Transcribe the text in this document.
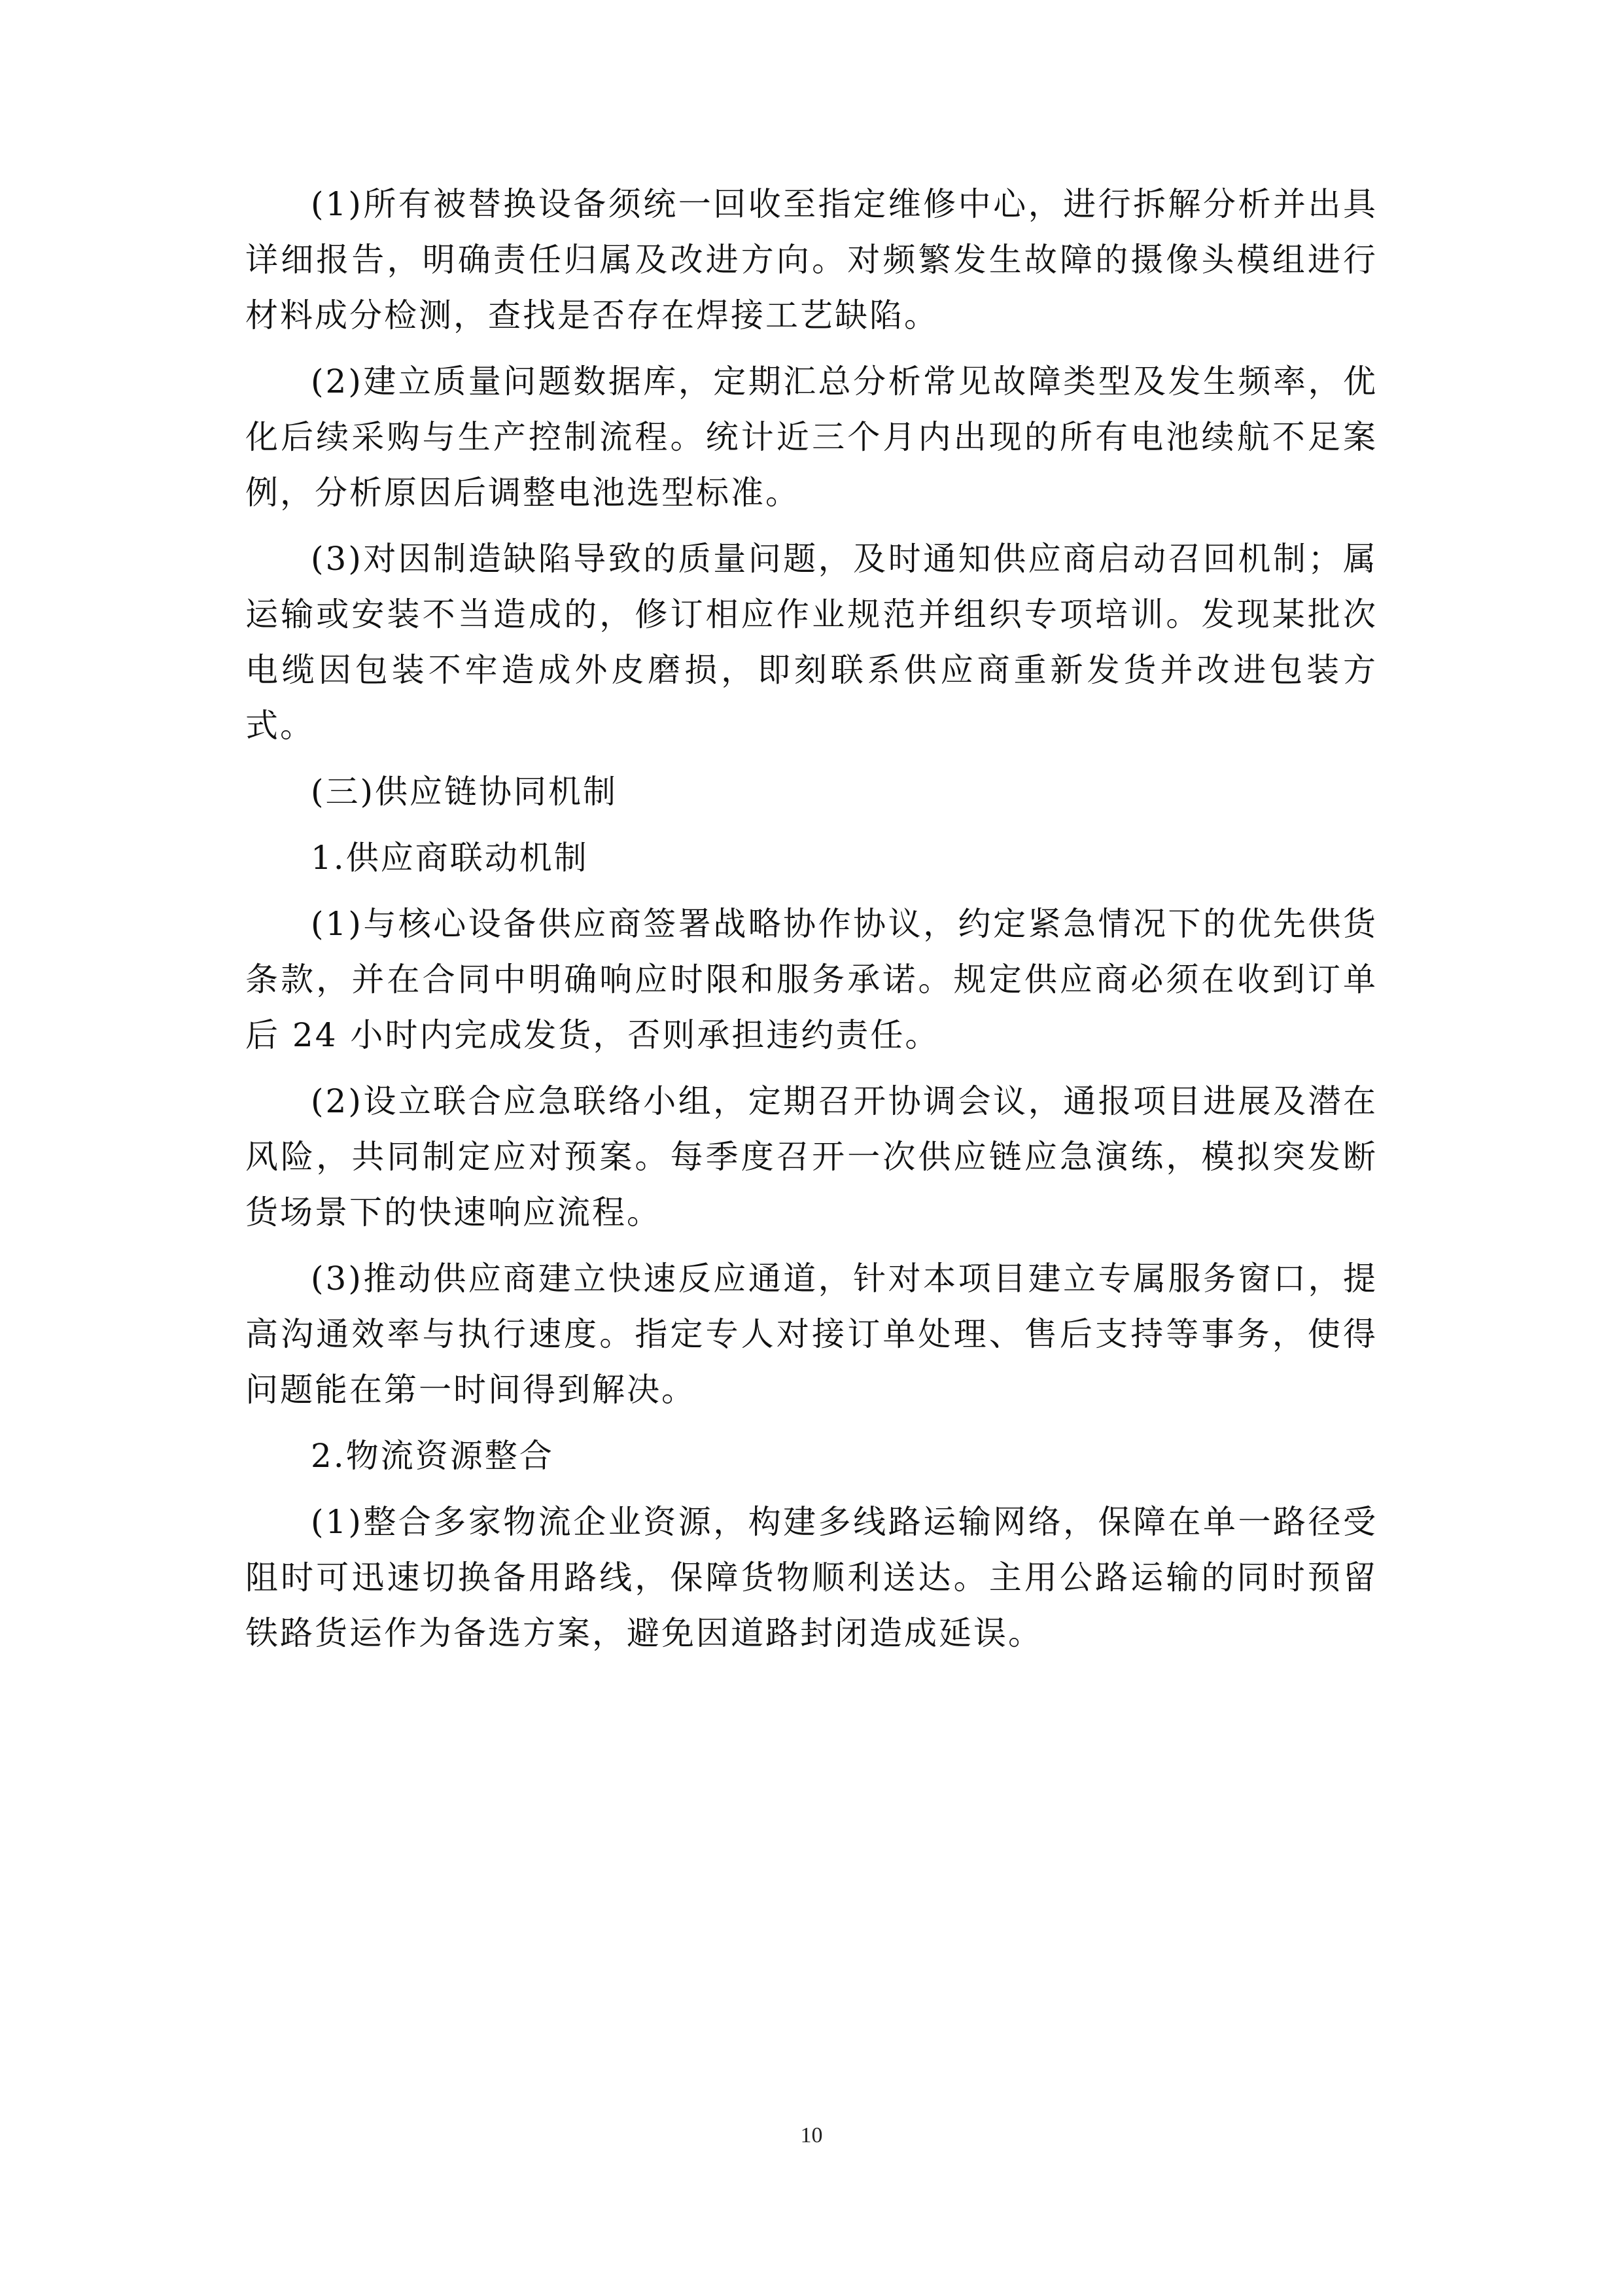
(1)所有被替换设备须统一回收至指定维修中心，进行拆解分析并出具详细报告，明确责任归属及改进方向。对频繁发生故障的摄像头模组进行材料成分检测，查找是否存在焊接工艺缺陷。

(2)建立质量问题数据库，定期汇总分析常见故障类型及发生频率，优化后续采购与生产控制流程。统计近三个月内出现的所有电池续航不足案例，分析原因后调整电池选型标准。

(3)对因制造缺陷导致的质量问题，及时通知供应商启动召回机制；属运输或安装不当造成的，修订相应作业规范并组织专项培训。发现某批次电缆因包装不牢造成外皮磨损，即刻联系供应商重新发货并改进包装方式。

(三)供应链协同机制

1.供应商联动机制

(1)与核心设备供应商签署战略协作协议，约定紧急情况下的优先供货条款，并在合同中明确响应时限和服务承诺。规定供应商必须在收到订单后 24 小时内完成发货，否则承担违约责任。

(2)设立联合应急联络小组，定期召开协调会议，通报项目进展及潜在风险，共同制定应对预案。每季度召开一次供应链应急演练，模拟突发断货场景下的快速响应流程。

(3)推动供应商建立快速反应通道，针对本项目建立专属服务窗口，提高沟通效率与执行速度。指定专人对接订单处理、售后支持等事务，使得问题能在第一时间得到解决。

2.物流资源整合

(1)整合多家物流企业资源，构建多线路运输网络，保障在单一路径受阻时可迅速切换备用路线，保障货物顺利送达。主用公路运输的同时预留铁路货运作为备选方案，避免因道路封闭造成延误。

10
